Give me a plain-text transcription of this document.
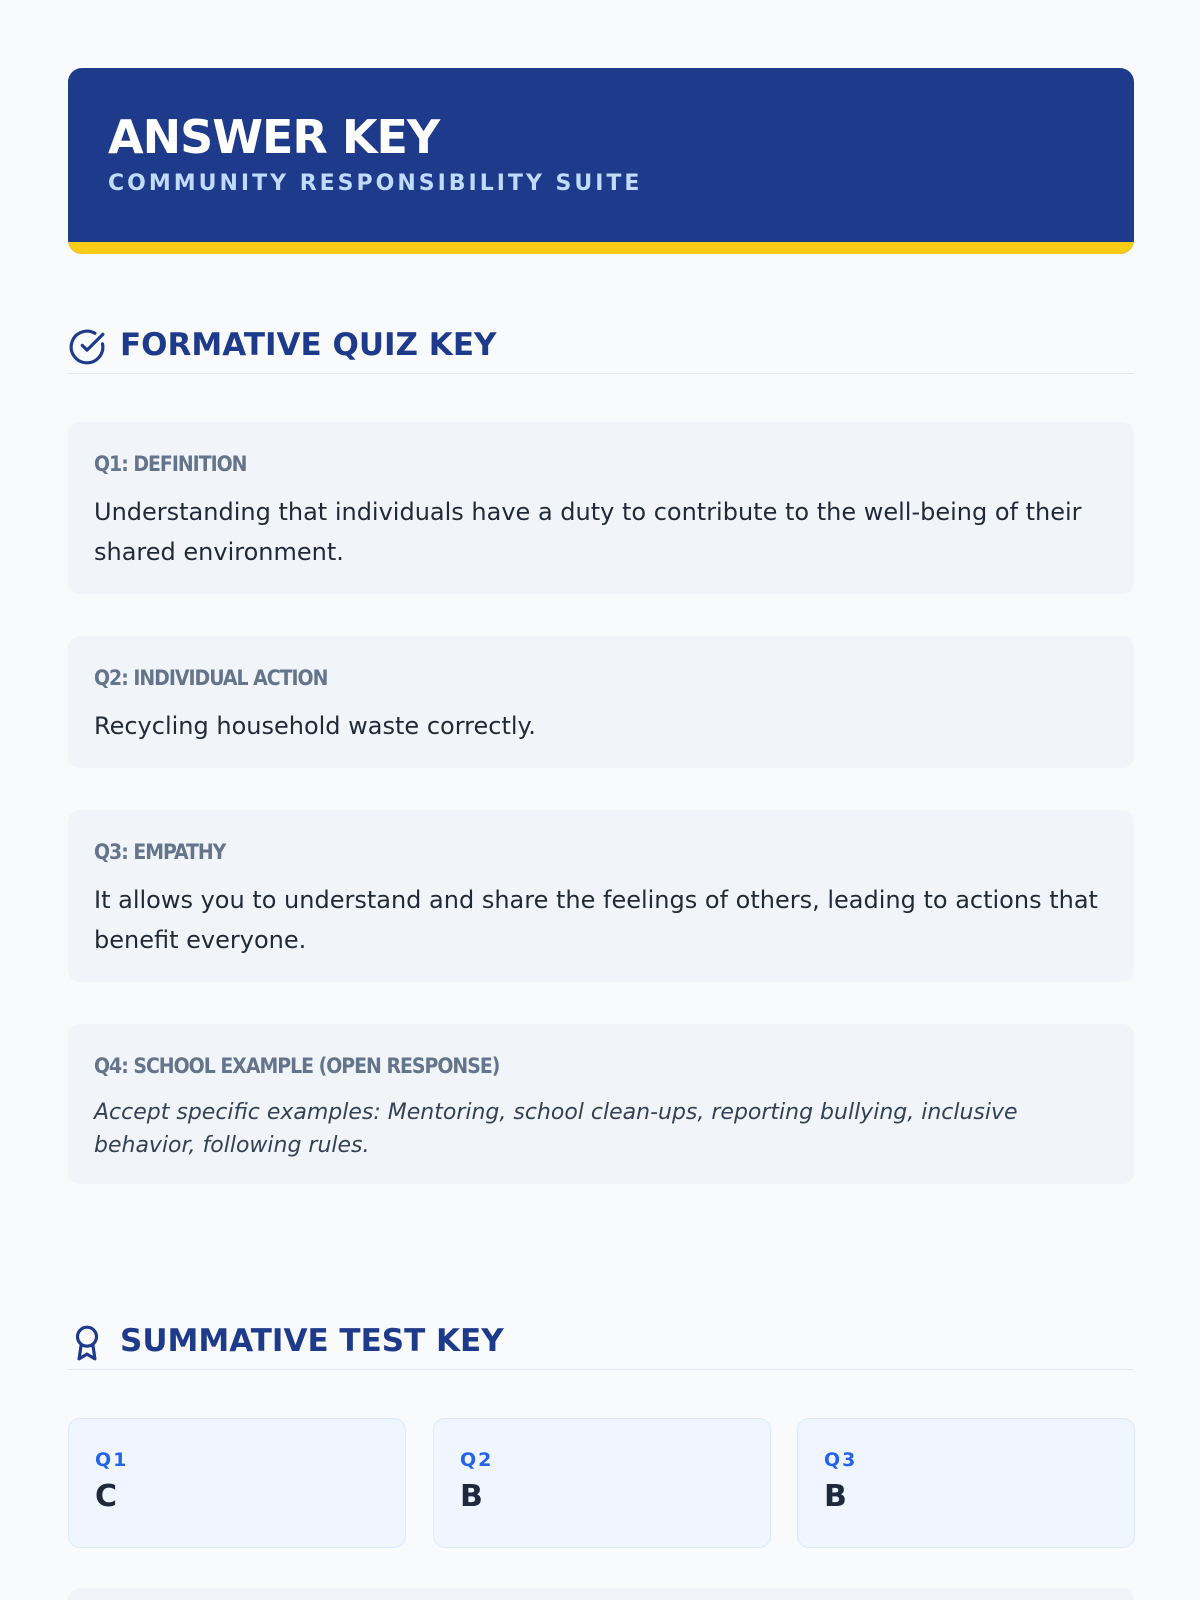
ANSWER KEY
COMMUNITY RESPONSIBILITY SUITE
FORMATIVE QUIZ KEY
Q1: DEFINITION
Understanding that individuals have a duty to contribute to the well-being of their shared environment.
Q2: INDIVIDUAL ACTION
Recycling household waste correctly.
Q3: EMPATHY
It allows you to understand and share the feelings of others, leading to actions that benefit everyone.
Q4: SCHOOL EXAMPLE (OPEN RESPONSE)
Accept specific examples: Mentoring, school clean-ups, reporting bullying, inclusive behavior, following rules.
SUMMATIVE TEST KEY
Q1
C
Q2
B
Q3
B
